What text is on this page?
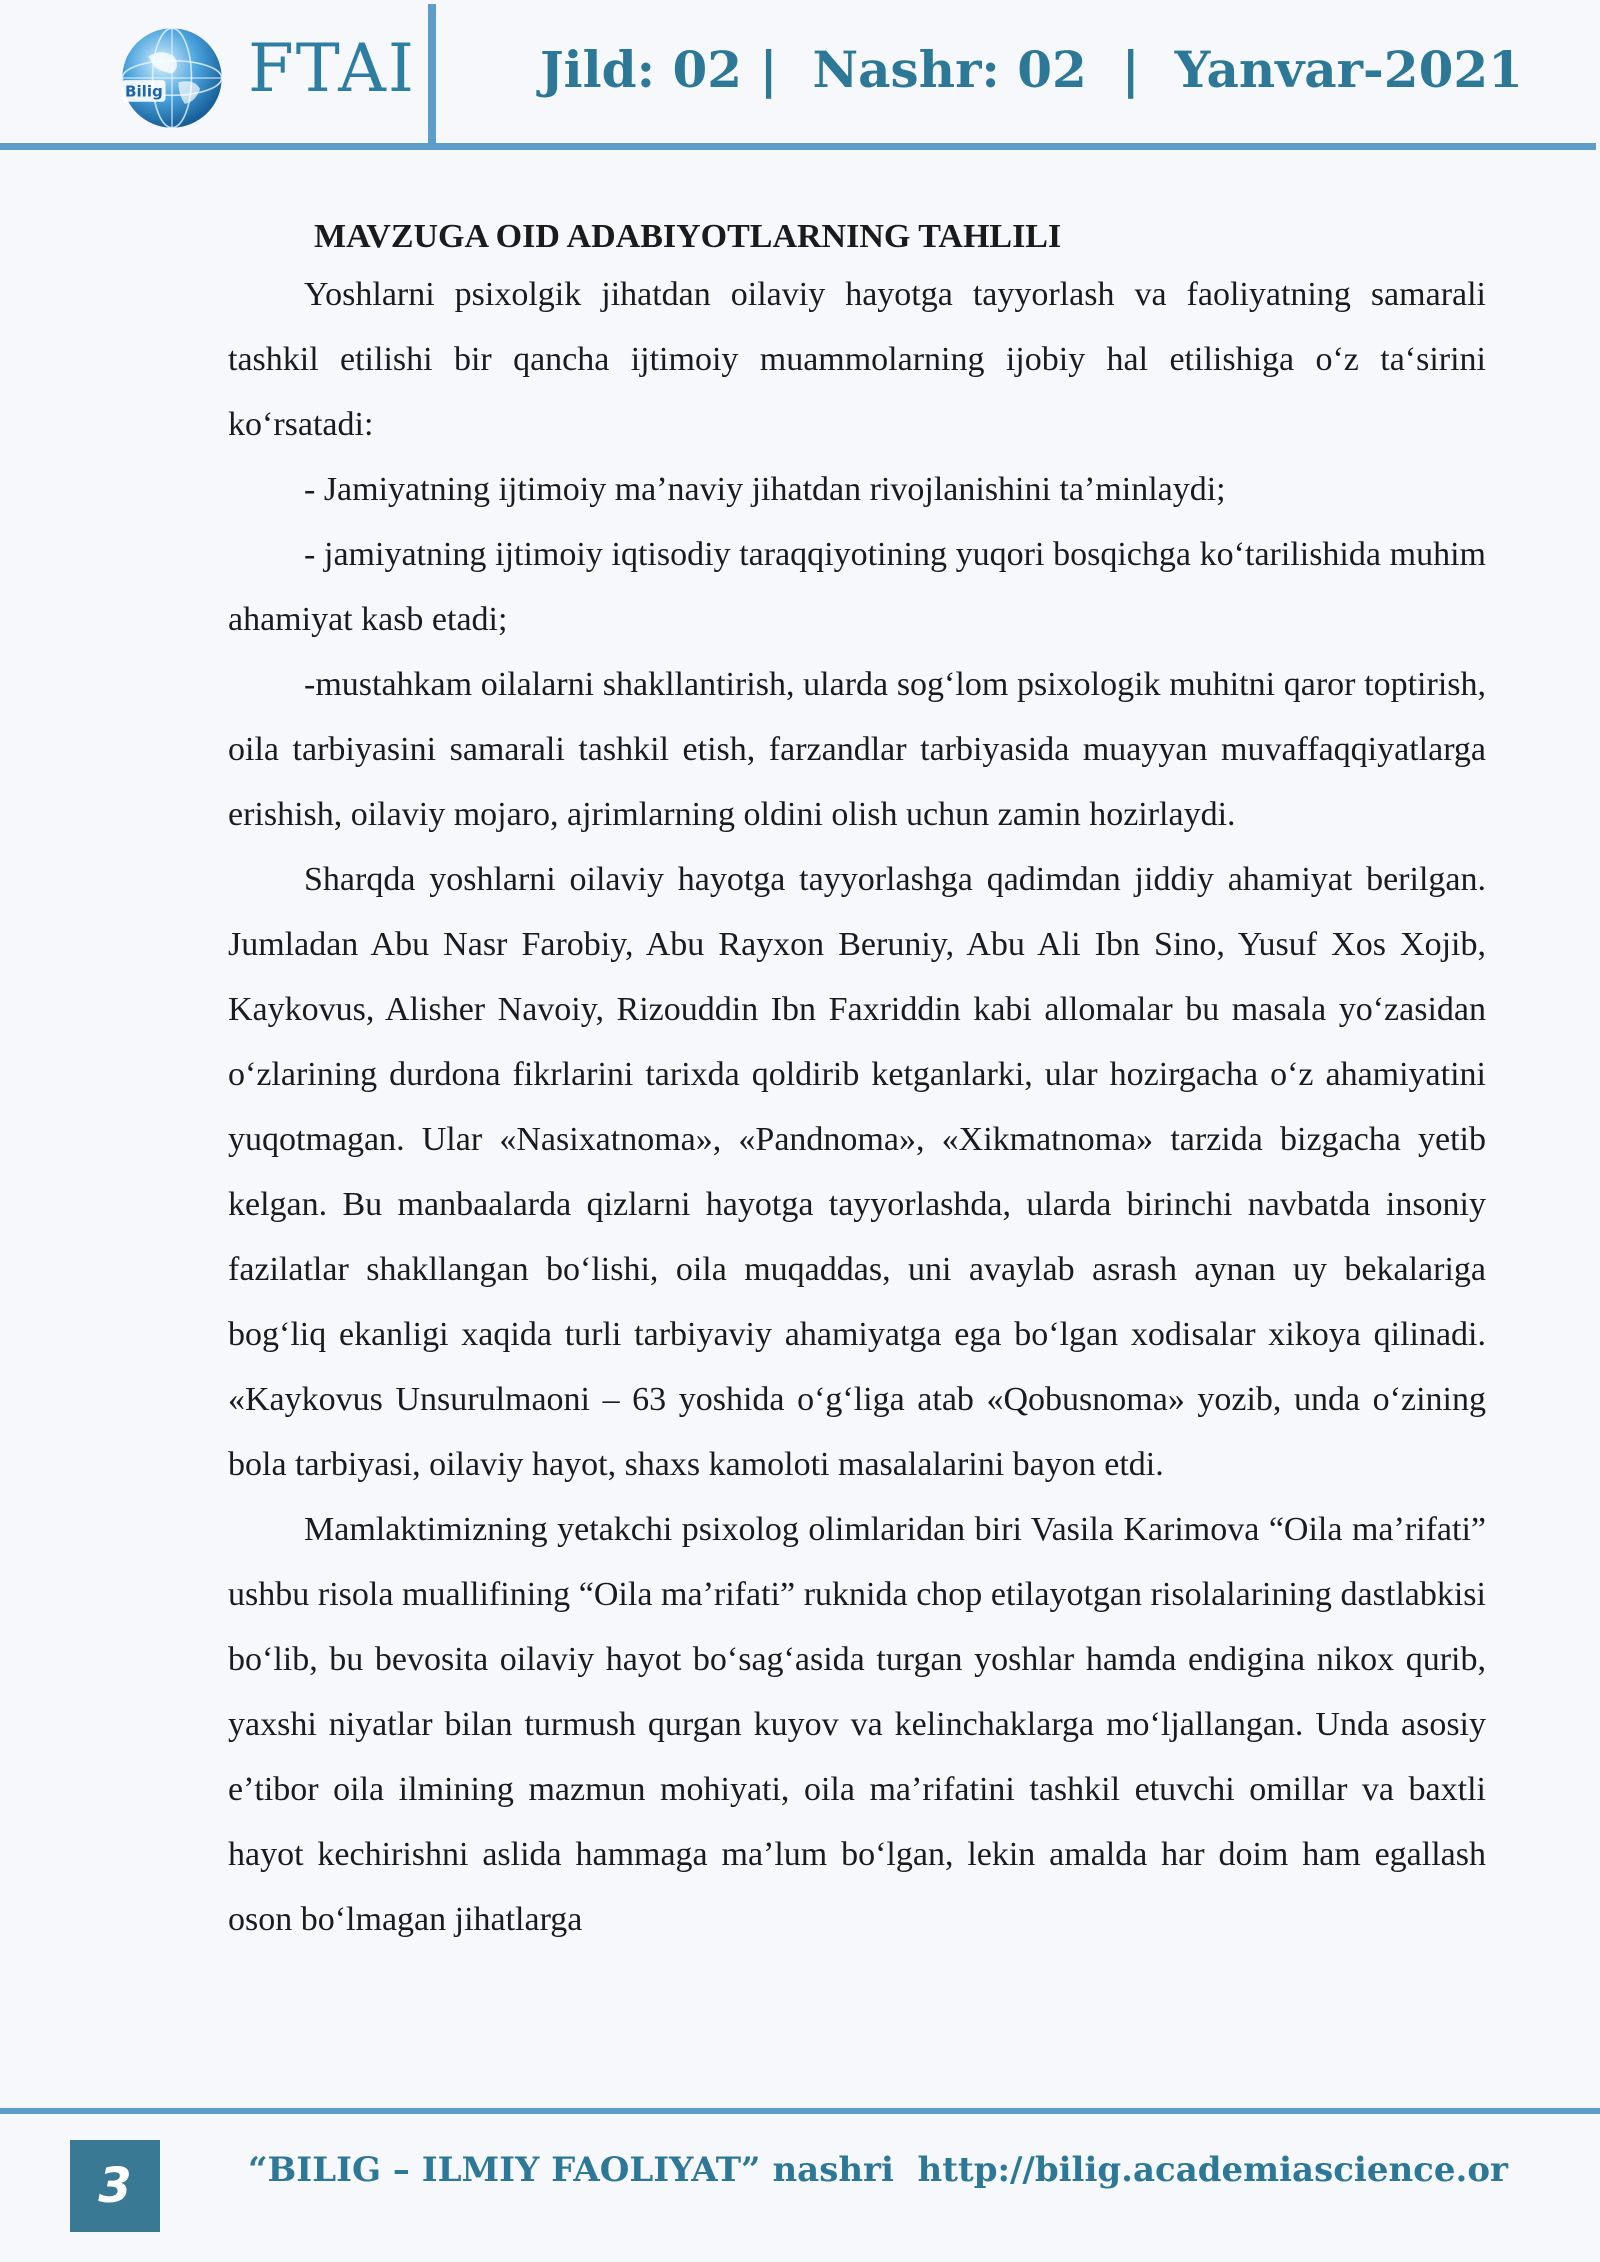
Bilig FTAI Jild: 02 |  Nashr: 02  |  Yanvar-2021
MAVZUGA OID ADABIYOTLARNING TAHLILI

Yoshlarni psixolgik jihatdan oilaviy hayotga tayyorlash va faoliyatning samarali tashkil etilishi bir qancha ijtimoiy muammolarning ijobiy hal etilishiga oʻz taʻsirini koʻrsatadi:

- Jamiyatning ijtimoiy maʼnaviy jihatdan rivojlanishini taʼminlaydi;

- jamiyatning ijtimoiy iqtisodiy taraqqiyotining yuqori bosqichga koʻtarilishida muhim ahamiyat kasb etadi;

-mustahkam oilalarni shakllantirish, ularda sogʻlom psixologik muhitni qaror toptirish, oila tarbiyasini samarali tashkil etish, farzandlar tarbiyasida muayyan muvaffaqqiyatlarga erishish, oilaviy mojaro, ajrimlarning oldini olish uchun zamin hozirlaydi.

Sharqda yoshlarni oilaviy hayotga tayyorlashga qadimdan jiddiy ahamiyat berilgan. Jumladan Abu Nasr Farobiy, Abu Rayxon Beruniy, Abu Ali Ibn Sino, Yusuf Xos Xojib, Kaykovus, Alisher Navoiy, Rizouddin Ibn Faxriddin kabi allomalar bu masala yoʻzasidan oʻzlarining durdona fikrlarini tarixda qoldirib ketganlarki, ular hozirgacha oʻz ahamiyatini yuqotmagan. Ular «Nasixatnoma», «Pandnoma», «Xikmatnoma» tarzida bizgacha yetib kelgan. Bu manbaalarda qizlarni hayotga tayyorlashda, ularda birinchi navbatda insoniy fazilatlar shakllangan boʻlishi, oila muqaddas, uni avaylab asrash aynan uy bekalariga bogʻliq ekanligi xaqida turli tarbiyaviy ahamiyatga ega boʻlgan xodisalar xikoya qilinadi. «Kaykovus Unsurulmaoni – 63 yoshida oʻgʻliga atab «Qobusnoma» yozib, unda oʻzining bola tarbiyasi, oilaviy hayot, shaxs kamoloti masalalarini bayon etdi.

Mamlaktimizning yetakchi psixolog olimlaridan biri Vasila Karimova “Oila maʼrifati” ushbu risola muallifining “Oila maʼrifati” ruknida chop etilayotgan risolalarining dastlabkisi boʻlib, bu bevosita oilaviy hayot boʻsagʻasida turgan yoshlar hamda endigina nikox qurib, yaxshi niyatlar bilan turmush qurgan kuyov va kelinchaklarga moʻljallangan. Unda asosiy eʼtibor oila ilmining mazmun mohiyati, oila maʼrifatini tashkil etuvchi omillar va baxtli hayot kechirishni aslida hammaga maʼlum boʻlgan, lekin amalda har doim ham egallash oson boʻlmagan jihatlarga

3	“BILIG – ILMIY FAOLIYAT” nashri  http://bilig.academiascience.or
